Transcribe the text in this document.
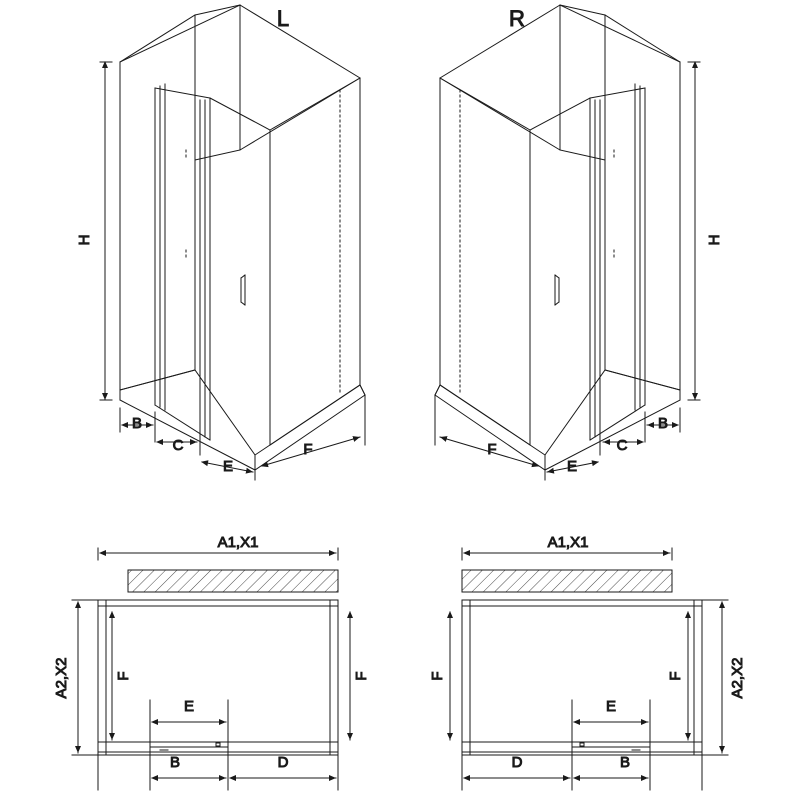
H
B
C
E
F
L
H
B
C
E
F
R
A1,X1
A2,X2	F	F
E
B	D
A1,X1
A2,X2
F	F
E
D	B
